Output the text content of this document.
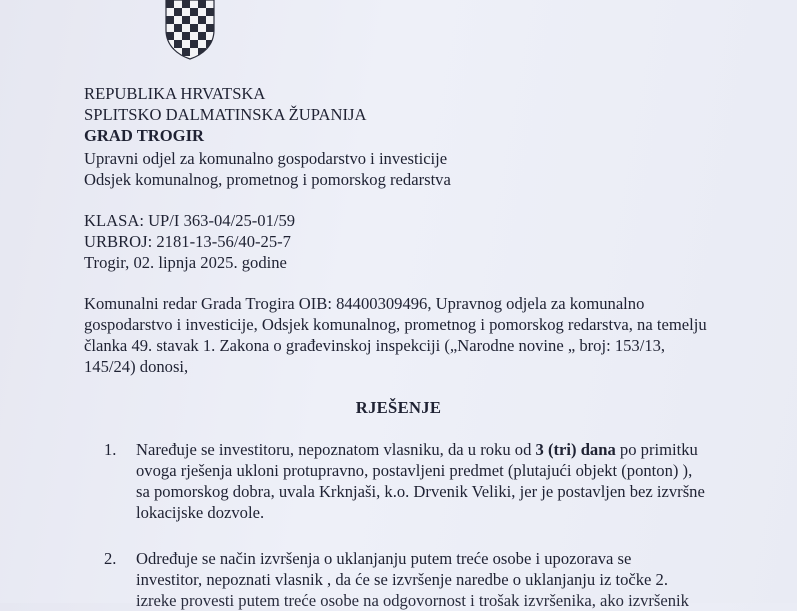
REPUBLIKA HRVATSKA

SPLITSKO DALMATINSKA ŽUPANIJA

GRAD TROGIR

Upravni odjel za komunalno gospodarstvo i investicije

Odsjek komunalnog, prometnog i pomorskog redarstva

KLASA: UP/I 363-04/25-01/59

URBROJ: 2181-13-56/40-25-7

Trogir, 02. lipnja 2025. godine

Komunalni redar Grada Trogira OIB: 84400309496, Upravnog odjela za komunalno

gospodarstvo i investicije, Odsjek komunalnog, prometnog i pomorskog redarstva, na temelju

članka 49. stavak 1. Zakona o građevinskoj inspekciji („Narodne novine „ broj: 153/13,

145/24) donosi,

RJEŠENJE

1. Naređuje se investitoru, nepoznatom vlasniku, da u roku od 3 (tri) dana po primitku
ovoga rješenja ukloni protupravno, postavljeni predmet (plutajući objekt (ponton) ),
sa pomorskog dobra, uvala Krknjaši, k.o. Drvenik Veliki, jer je postavljen bez izvršne
lokacijske dozvole.
2. Određuje se način izvršenja o uklanjanju putem treće osobe i upozorava se
investitor, nepoznati vlasnik , da će se izvršenje naredbe o uklanjanju iz točke 2.
izreke provesti putem treće osobe na odgovornost i trošak izvršenika, ako izvršenik
